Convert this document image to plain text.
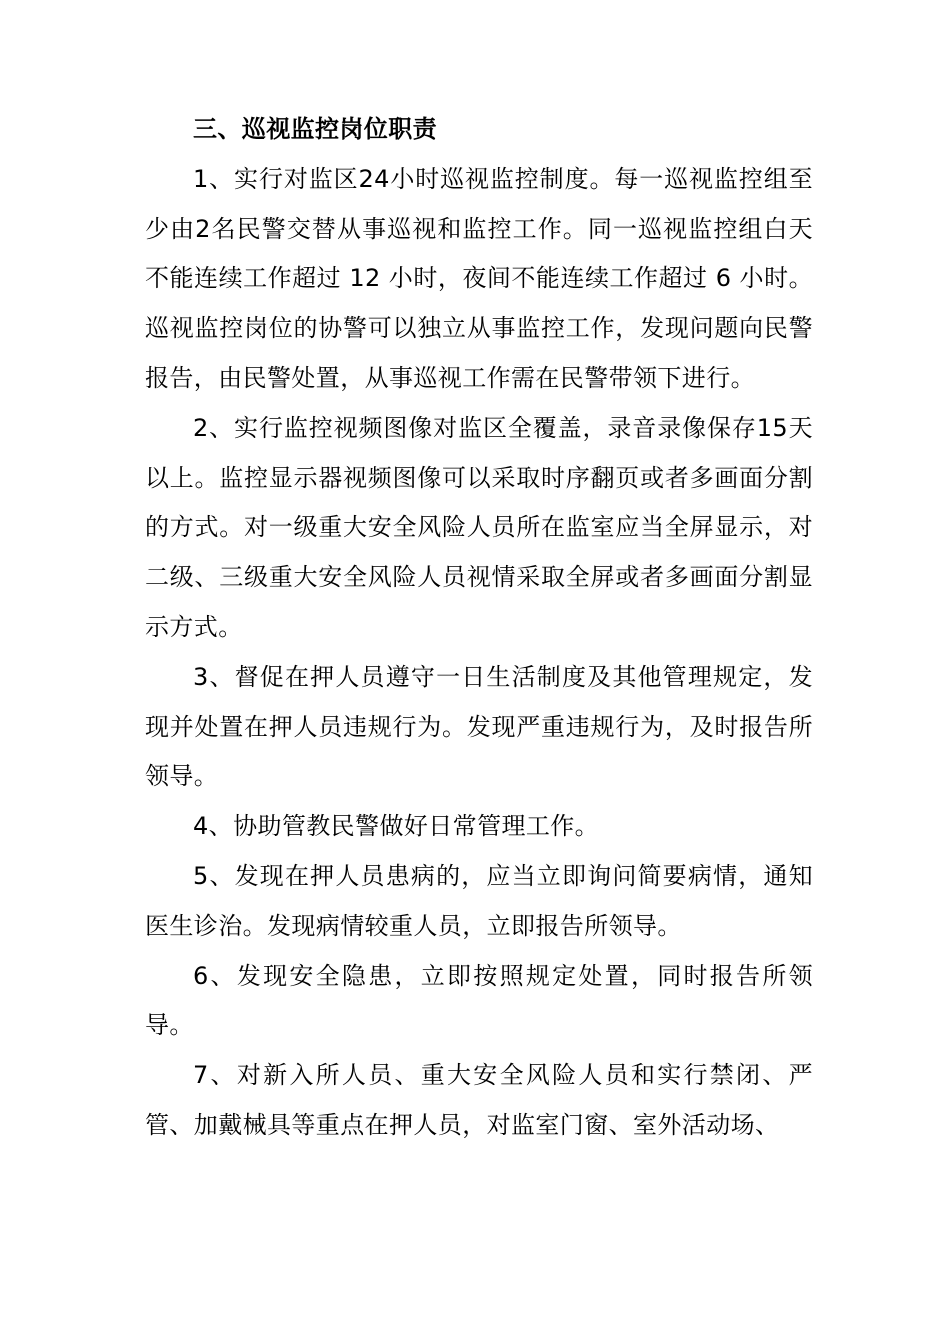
三、巡视监控岗位职责

1、实行对监区24小时巡视监控制度。每一巡视监控组至少由2名民警交替从事巡视和监控工作。同一巡视监控组白天不能连续工作超过 12 小时，夜间不能连续工作超过 6 小时。巡视监控岗位的协警可以独立从事监控工作，发现问题向民警报告，由民警处置，从事巡视工作需在民警带领下进行。

2、实行监控视频图像对监区全覆盖，录音录像保存15天以上。监控显示器视频图像可以采取时序翻页或者多画面分割的方式。对一级重大安全风险人员所在监室应当全屏显示，对二级、三级重大安全风险人员视情采取全屏或者多画面分割显示方式。

3、督促在押人员遵守一日生活制度及其他管理规定，发现并处置在押人员违规行为。发现严重违规行为，及时报告所领导。

4、协助管教民警做好日常管理工作。

5、发现在押人员患病的，应当立即询问简要病情，通知医生诊治。发现病情较重人员，立即报告所领导。

6、发现安全隐患，立即按照规定处置，同时报告所领导。

7、对新入所人员、重大安全风险人员和实行禁闭、严管、加戴械具等重点在押人员，对监室门窗、室外活动场、
